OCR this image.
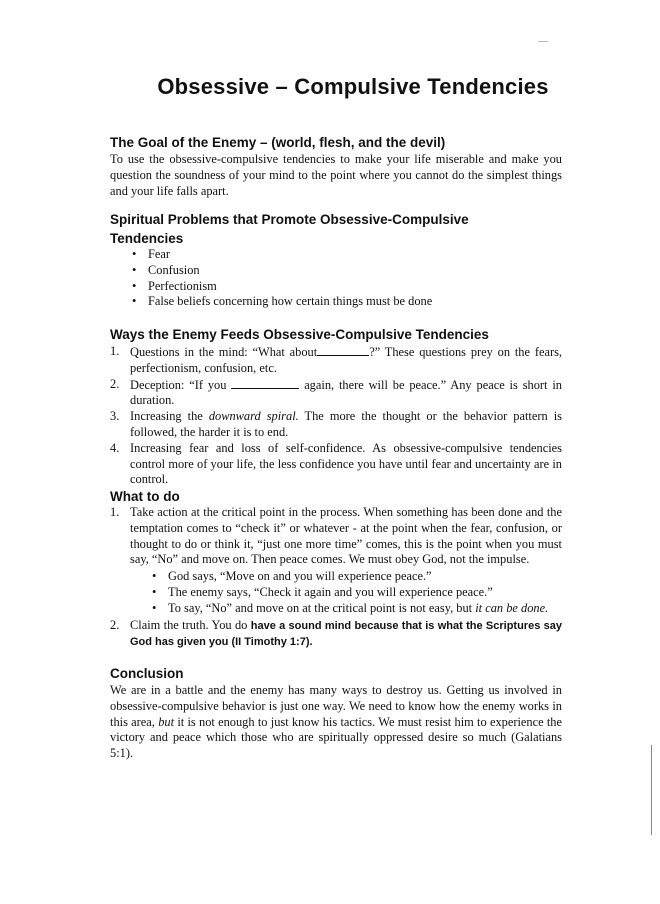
Obsessive – Compulsive Tendencies
The Goal of the Enemy – (world, flesh, and the devil)

To use the obsessive-compulsive tendencies to make your life miserable and make you question the soundness of your mind to the point where you cannot do the simplest things and your life falls apart.

Spiritual Problems that Promote Obsessive-Compulsive Tendencies
• Fear
• Confusion
• Perfectionism
• False beliefs concerning how certain things must be done
Ways the Enemy Feeds Obsessive-Compulsive Tendencies
1. Questions in the mind: “What about	?” These questions prey on the fears, perfectionism, confusion, etc.
2. Deception: “If you	again, there will be peace.” Any peace is short in duration.
3. Increasing the downward spiral. The more the thought or the behavior pattern is followed, the harder it is to end.
4. Increasing fear and loss of self-confidence. As obsessive-compulsive tendencies control more of your life, the less confidence you have until fear and uncertainty are in control.
What to do
1. Take action at the critical point in the process. When something has been done and the temptation comes to “check it” or whatever - at the point when the fear, confusion, or thought to do or think it, “just one more time” comes, this is the point when you must say, “No” and move on. Then peace comes. We must obey God, not the impulse.
• God says, “Move on and you will experience peace.”
• The enemy says, “Check it again and you will experience peace.”
• To say, “No” and move on at the critical point is not easy, but it can be done.
2. Claim the truth. You do have a sound mind because that is what the Scriptures say God has given you (II Timothy 1:7).
Conclusion

We are in a battle and the enemy has many ways to destroy us. Getting us involved in obsessive-compulsive behavior is just one way. We need to know how the enemy works in this area, but it is not enough to just know his tactics. We must resist him to experience the victory and peace which those who are spiritually oppressed desire so much (Galatians 5:1).
